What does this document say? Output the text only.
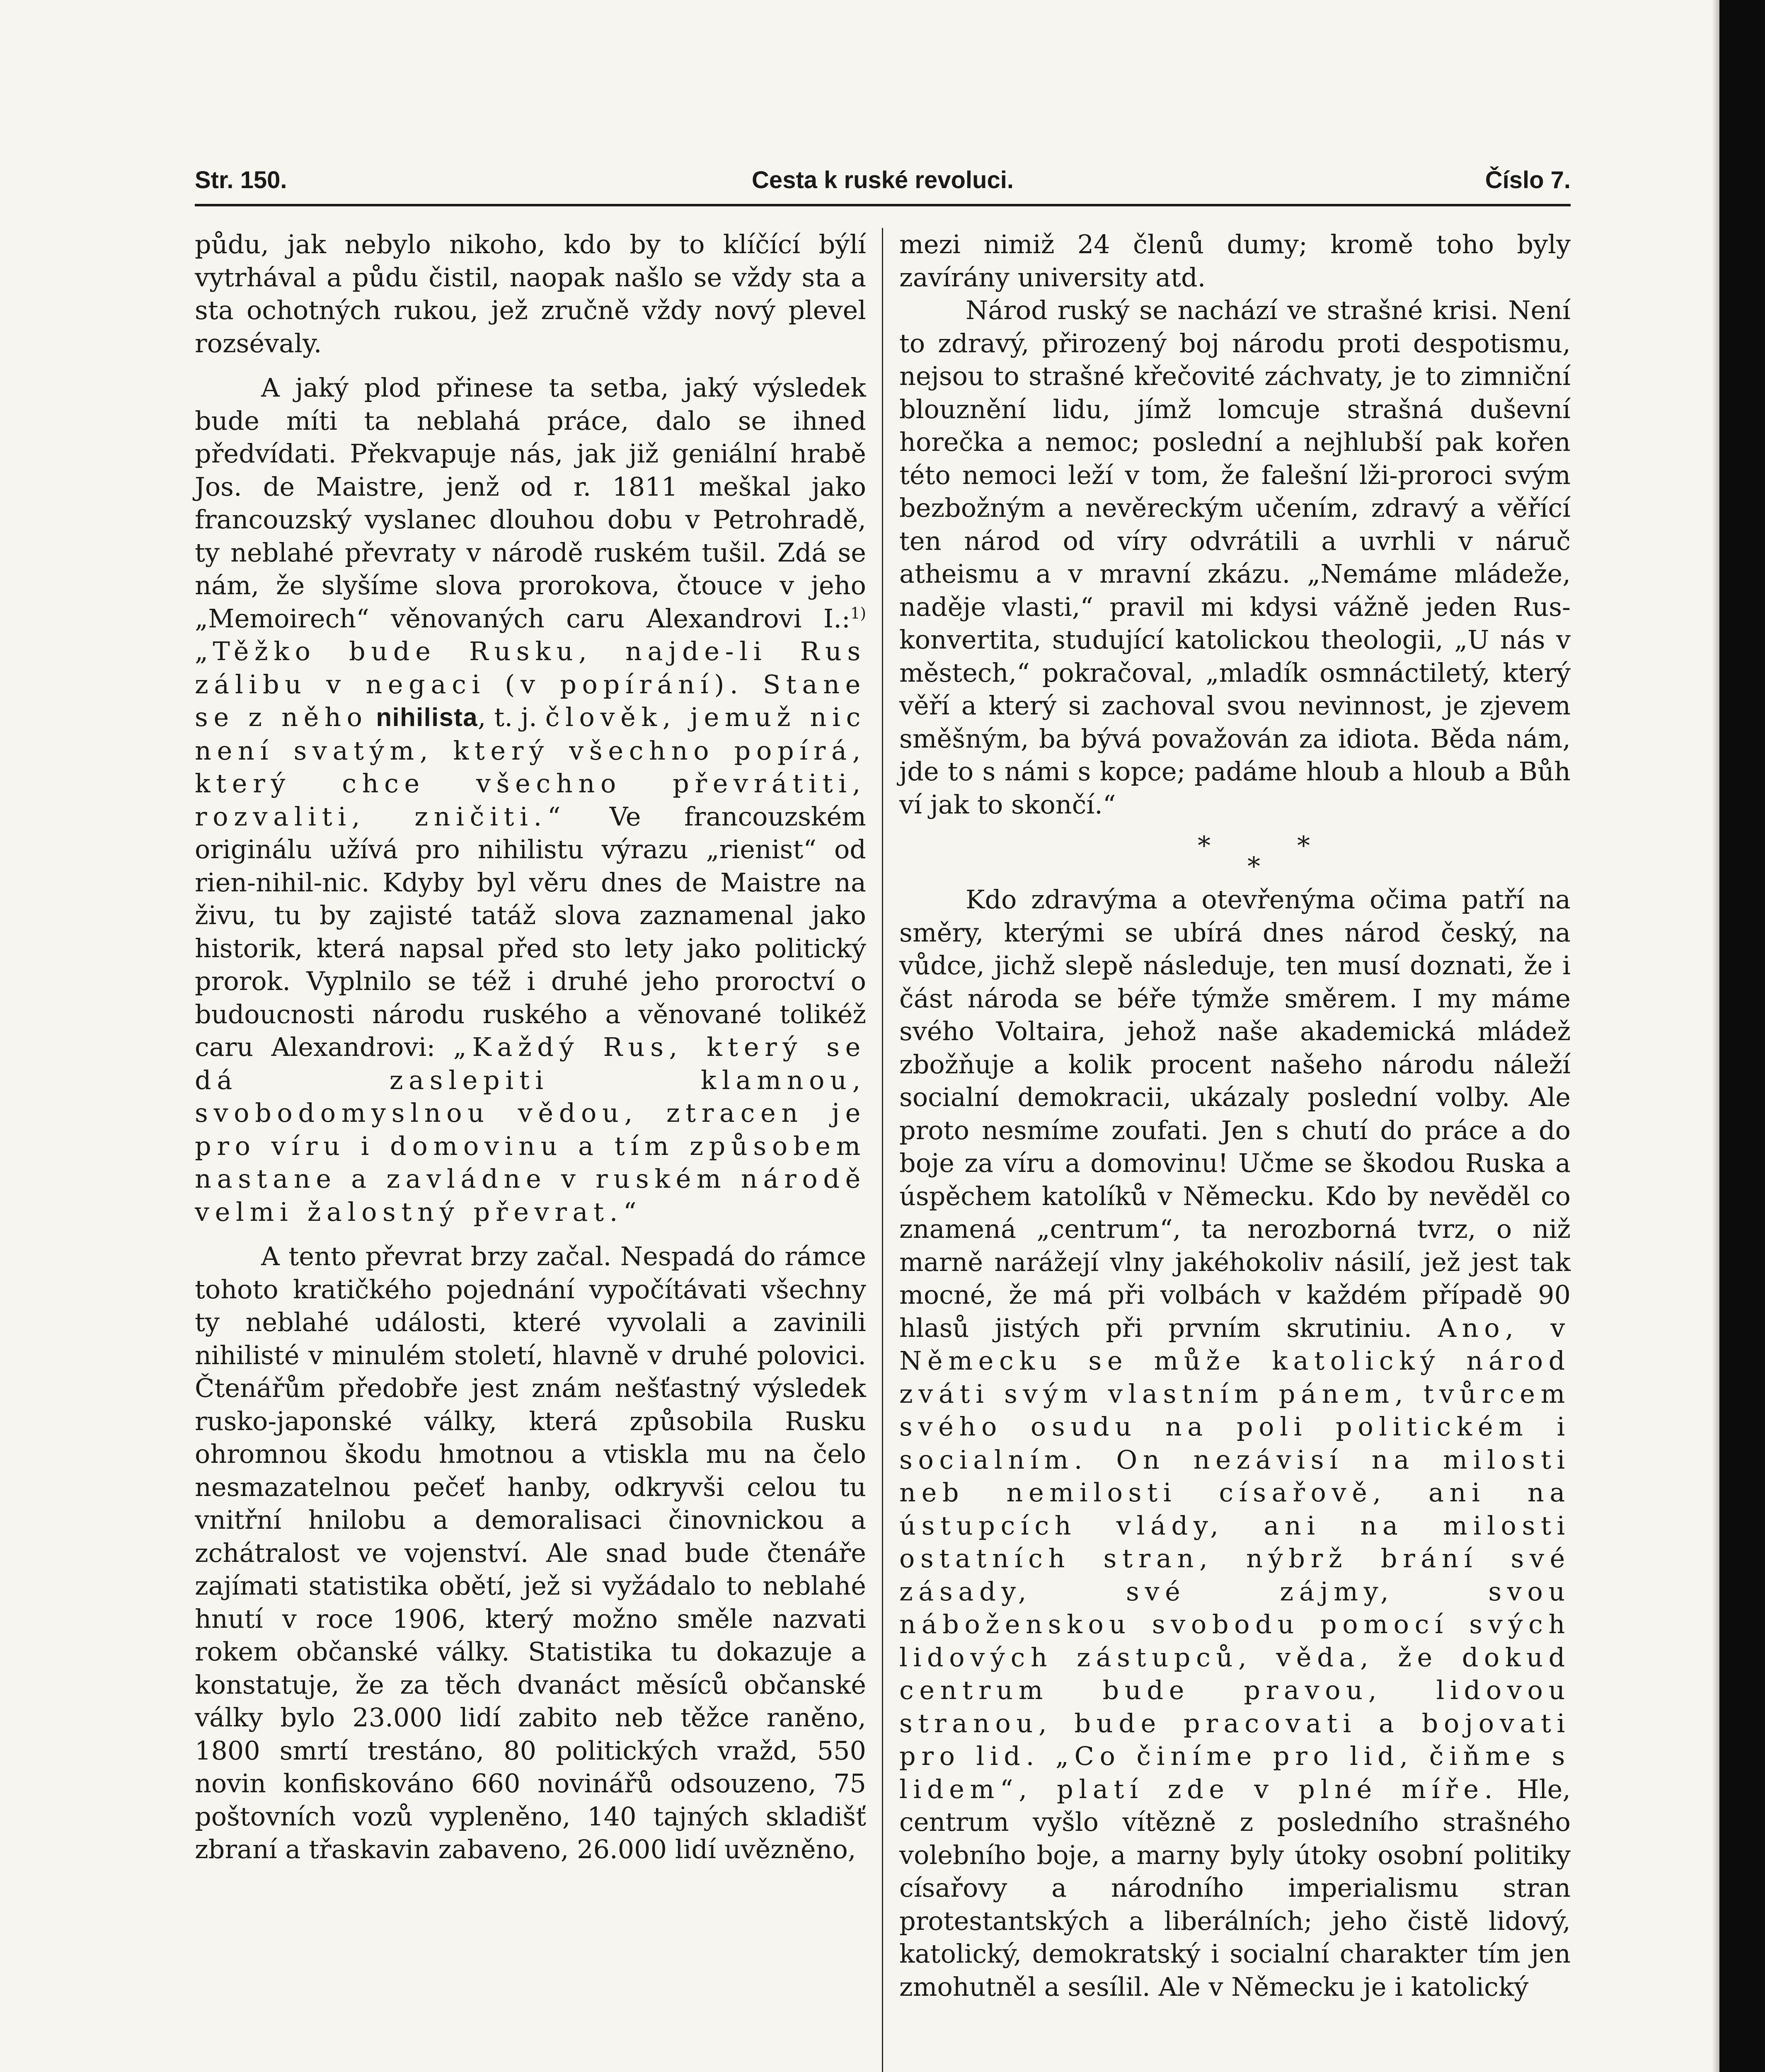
Str. 150.	Cesta k ruské revoluci.	Číslo 7.

půdu, jak nebylo nikoho, kdo by to klíčící býlí vytrhával a půdu čistil, naopak našlo se vždy sta a sta ochotných rukou, jež zručně vždy nový plevel rozsévaly.

A jaký plod přinese ta setba, jaký výsledek bude míti ta neblahá práce, dalo se ihned předvídati. Překvapuje nás, jak již geniální hrabě Jos. de Maistre, jenž od r. 1811 meškal jako francouzský vyslanec dlouhou dobu v Petrohradě, ty neblahé převraty v národě ruském tušil. Zdá se nám, že slyšíme slova prorokova, čtouce v jeho „Memoirech“ věnovaných caru Alexandrovi I.:$^{1)}$ „Těžko bude Rusku, najde-li Rus zálibu v negaci (v popírání). Stane se z něho nihilista, t. j. člověk, jemuž nic není svatým, který všechno popírá, který chce všechno převrátiti, rozvaliti, zničiti.“ Ve francouzském originálu užívá pro nihilistu výrazu „rienist“ od rien-nihil-nic. Kdyby byl věru dnes de Maistre na živu, tu by zajisté tatáž slova zaznamenal jako historik, která napsal před sto lety jako politický prorok. Vyplnilo se též i druhé jeho proroctví o budoucnosti národu ruského a věnované tolikéž caru Alexandrovi: „Každý Rus, který se dá zaslepiti klamnou, svobodomyslnou vědou, ztracen je pro víru i domovinu a tím způsobem nastane a zavládne v ruském národě velmi žalostný převrat.“

A tento převrat brzy začal. Nespadá do rámce tohoto kratičkého pojednání vypočítávati všechny ty neblahé události, které vyvolali a zavinili nihilisté v minulém století, hlavně v druhé polovici. Čtenářům předobře jest znám nešťastný výsledek rusko-japonské války, která způsobila Rusku ohromnou škodu hmotnou a vtiskla mu na čelo nesmazatelnou pečeť hanby, odkryvši celou tu vnitřní hnilobu a demoralisaci činovnickou a zchátralost ve vojenství. Ale snad bude čtenáře zajímati statistika obětí, jež si vyžádalo to neblahé hnutí v roce 1906, který možno směle nazvati rokem občanské války. Statistika tu dokazuje a konstatuje, že za těch dvanáct měsíců občanské války bylo 23.000 lidí zabito neb těžce raněno, 1800 smrtí trestáno, 80 politických vražd, 550 novin konfiskováno 660 novinářů odsouzeno, 75 poštovních vozů vypleněno, 140 tajných skladišť zbraní a třaskavin zabaveno, 26.000 lidí uvězněno,

mezi nimiž 24 členů dumy; kromě toho byly zavírány university atd.

Národ ruský se nachází ve strašné krisi. Není to zdravý, přirozený boj národu proti despotismu, nejsou to strašné křečovité záchvaty, je to zimniční blouznění lidu, jímž lomcuje strašná duševní horečka a nemoc; poslední a nejhlubší pak kořen této nemoci leží v tom, že falešní lži-proroci svým bezbožným a nevěreckým učením, zdravý a věřící ten národ od víry odvrátili a uvrhli v náruč atheismu a v mravní zkázu. „Nemáme mládeže, naděje vlasti,“ pravil mi kdysi vážně jeden Rus-konvertita, studující katolickou theologii, „U nás v městech,“ pokračoval, „mladík osmnáctiletý, který věří a který si zachoval svou nevinnost, je zjevem směšným, ba bývá považován za idiota. Běda nám, jde to s námi s kopce; padáme hloub a hloub a Bůh ví jak to skončí.“

*	*
*

Kdo zdravýma a otevřenýma očima patří na směry, kterými se ubírá dnes národ český, na vůdce, jichž slepě následuje, ten musí doznati, že i část národa se béře týmže směrem. I my máme svého Voltaira, jehož naše akademická mládež zbožňuje a kolik procent našeho národu náleží socialní demokracii, ukázaly poslední volby. Ale proto nesmíme zoufati. Jen s chutí do práce a do boje za víru a domovinu! Učme se škodou Ruska a úspěchem katolíků v Německu. Kdo by nevěděl co znamená „centrum“, ta nerozborná tvrz, o niž marně narážejí vlny jakéhokoliv násilí, jež jest tak mocné, že má při volbách v každém případě 90 hlasů jistých při prvním skrutiniu. Ano, v Německu se může katolický národ zváti svým vlastním pánem, tvůrcem svého osudu na poli politickém i socialním. On nezávisí na milosti neb nemilosti císařově, ani na ústupcích vlády, ani na milosti ostatních stran, nýbrž brání své zásady, své zájmy, svou náboženskou svobodu pomocí svých lidových zástupců, věda, že dokud centrum bude pravou, lidovou stranou, bude pracovati a bojovati pro lid. „Co činíme pro lid, čiňme s lidem“, platí zde v plné míře. Hle, centrum vyšlo vítězně z posledního strašného volebního boje, a marny byly útoky osobní politiky císařovy a národního imperialismu stran protestantských a liberálních; jeho čistě lidový, katolický, demokratský i socialní charakter tím jen zmohutněl a sesílil. Ale v Německu je i katolický
